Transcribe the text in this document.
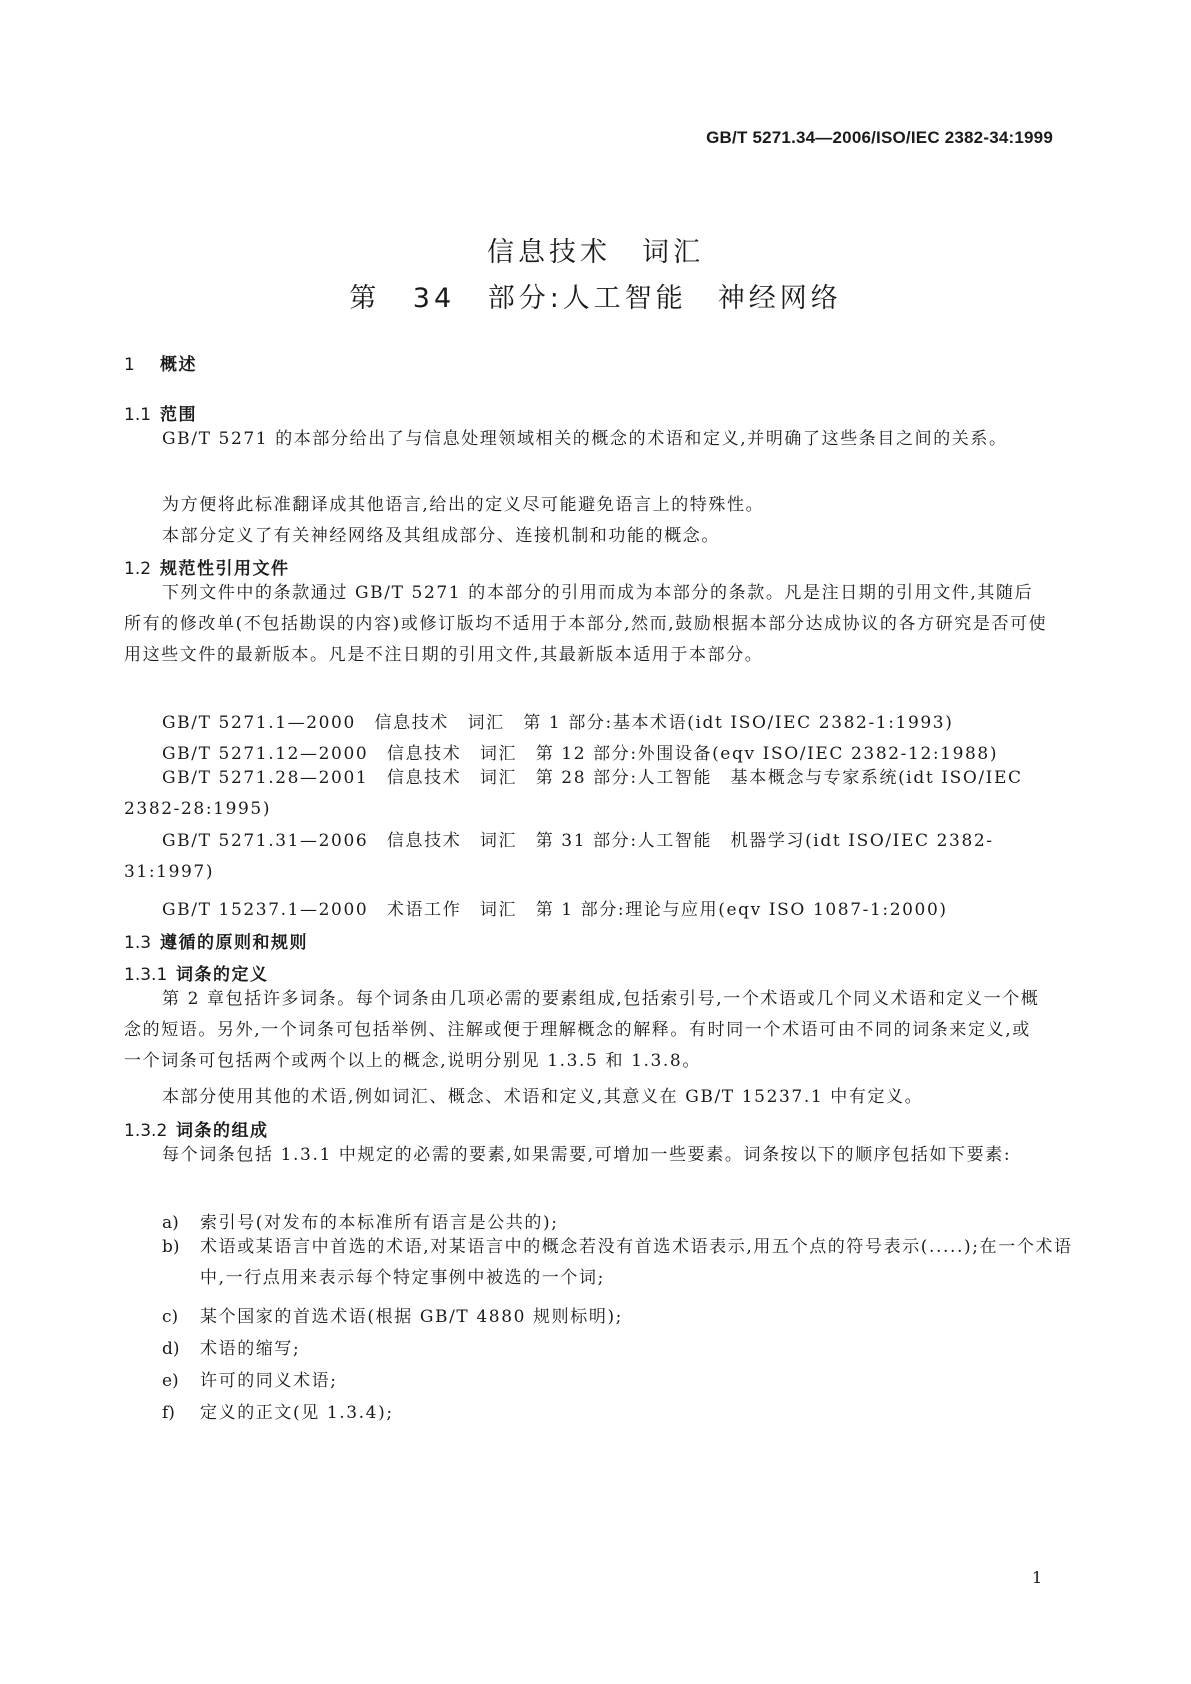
GB/T 5271.34—2006/ISO/IEC 2382-34:1999
信息技术　词汇
第 34 部分:人工智能　神经网络
1 概述
1.1 范围
GB/T 5271 的本部分给出了与信息处理领域相关的概念的术语和定义,并明确了这些条目之间的关系。
为方便将此标准翻译成其他语言,给出的定义尽可能避免语言上的特殊性。
本部分定义了有关神经网络及其组成部分、连接机制和功能的概念。
1.2 规范性引用文件
下列文件中的条款通过 GB/T 5271 的本部分的引用而成为本部分的条款。凡是注日期的引用文件,其随后所有的修改单(不包括勘误的内容)或修订版均不适用于本部分,然而,鼓励根据本部分达成协议的各方研究是否可使用这些文件的最新版本。凡是不注日期的引用文件,其最新版本适用于本部分。
GB/T 5271.1—2000　信息技术　词汇　第 1 部分:基本术语(idt ISO/IEC 2382-1:1993)
GB/T 5271.12—2000　信息技术　词汇　第 12 部分:外围设备(eqv ISO/IEC 2382-12:1988)
GB/T 5271.28—2001　信息技术　词汇　第 28 部分:人工智能　基本概念与专家系统(idt ISO/IEC 2382-28:1995)
GB/T 5271.31—2006　信息技术　词汇　第 31 部分:人工智能　机器学习(idt ISO/IEC 2382-31:1997)
GB/T 15237.1—2000　术语工作　词汇　第 1 部分:理论与应用(eqv ISO 1087-1:2000)
1.3 遵循的原则和规则
1.3.1 词条的定义
第 2 章包括许多词条。每个词条由几项必需的要素组成,包括索引号,一个术语或几个同义术语和定义一个概念的短语。另外,一个词条可包括举例、注解或便于理解概念的解释。有时同一个术语可由不同的词条来定义,或一个词条可包括两个或两个以上的概念,说明分别见 1.3.5 和 1.3.8。
本部分使用其他的术语,例如词汇、概念、术语和定义,其意义在 GB/T 15237.1 中有定义。
1.3.2 词条的组成
每个词条包括 1.3.1 中规定的必需的要素,如果需要,可增加一些要素。词条按以下的顺序包括如下要素:
a) 索引号(对发布的本标准所有语言是公共的);
b) 术语或某语言中首选的术语,对某语言中的概念若没有首选术语表示,用五个点的符号表示(.....);在一个术语中,一行点用来表示每个特定事例中被选的一个词;
c) 某个国家的首选术语(根据 GB/T 4880 规则标明);
d) 术语的缩写;
e) 许可的同义术语;
f) 定义的正文(见 1.3.4);
1
